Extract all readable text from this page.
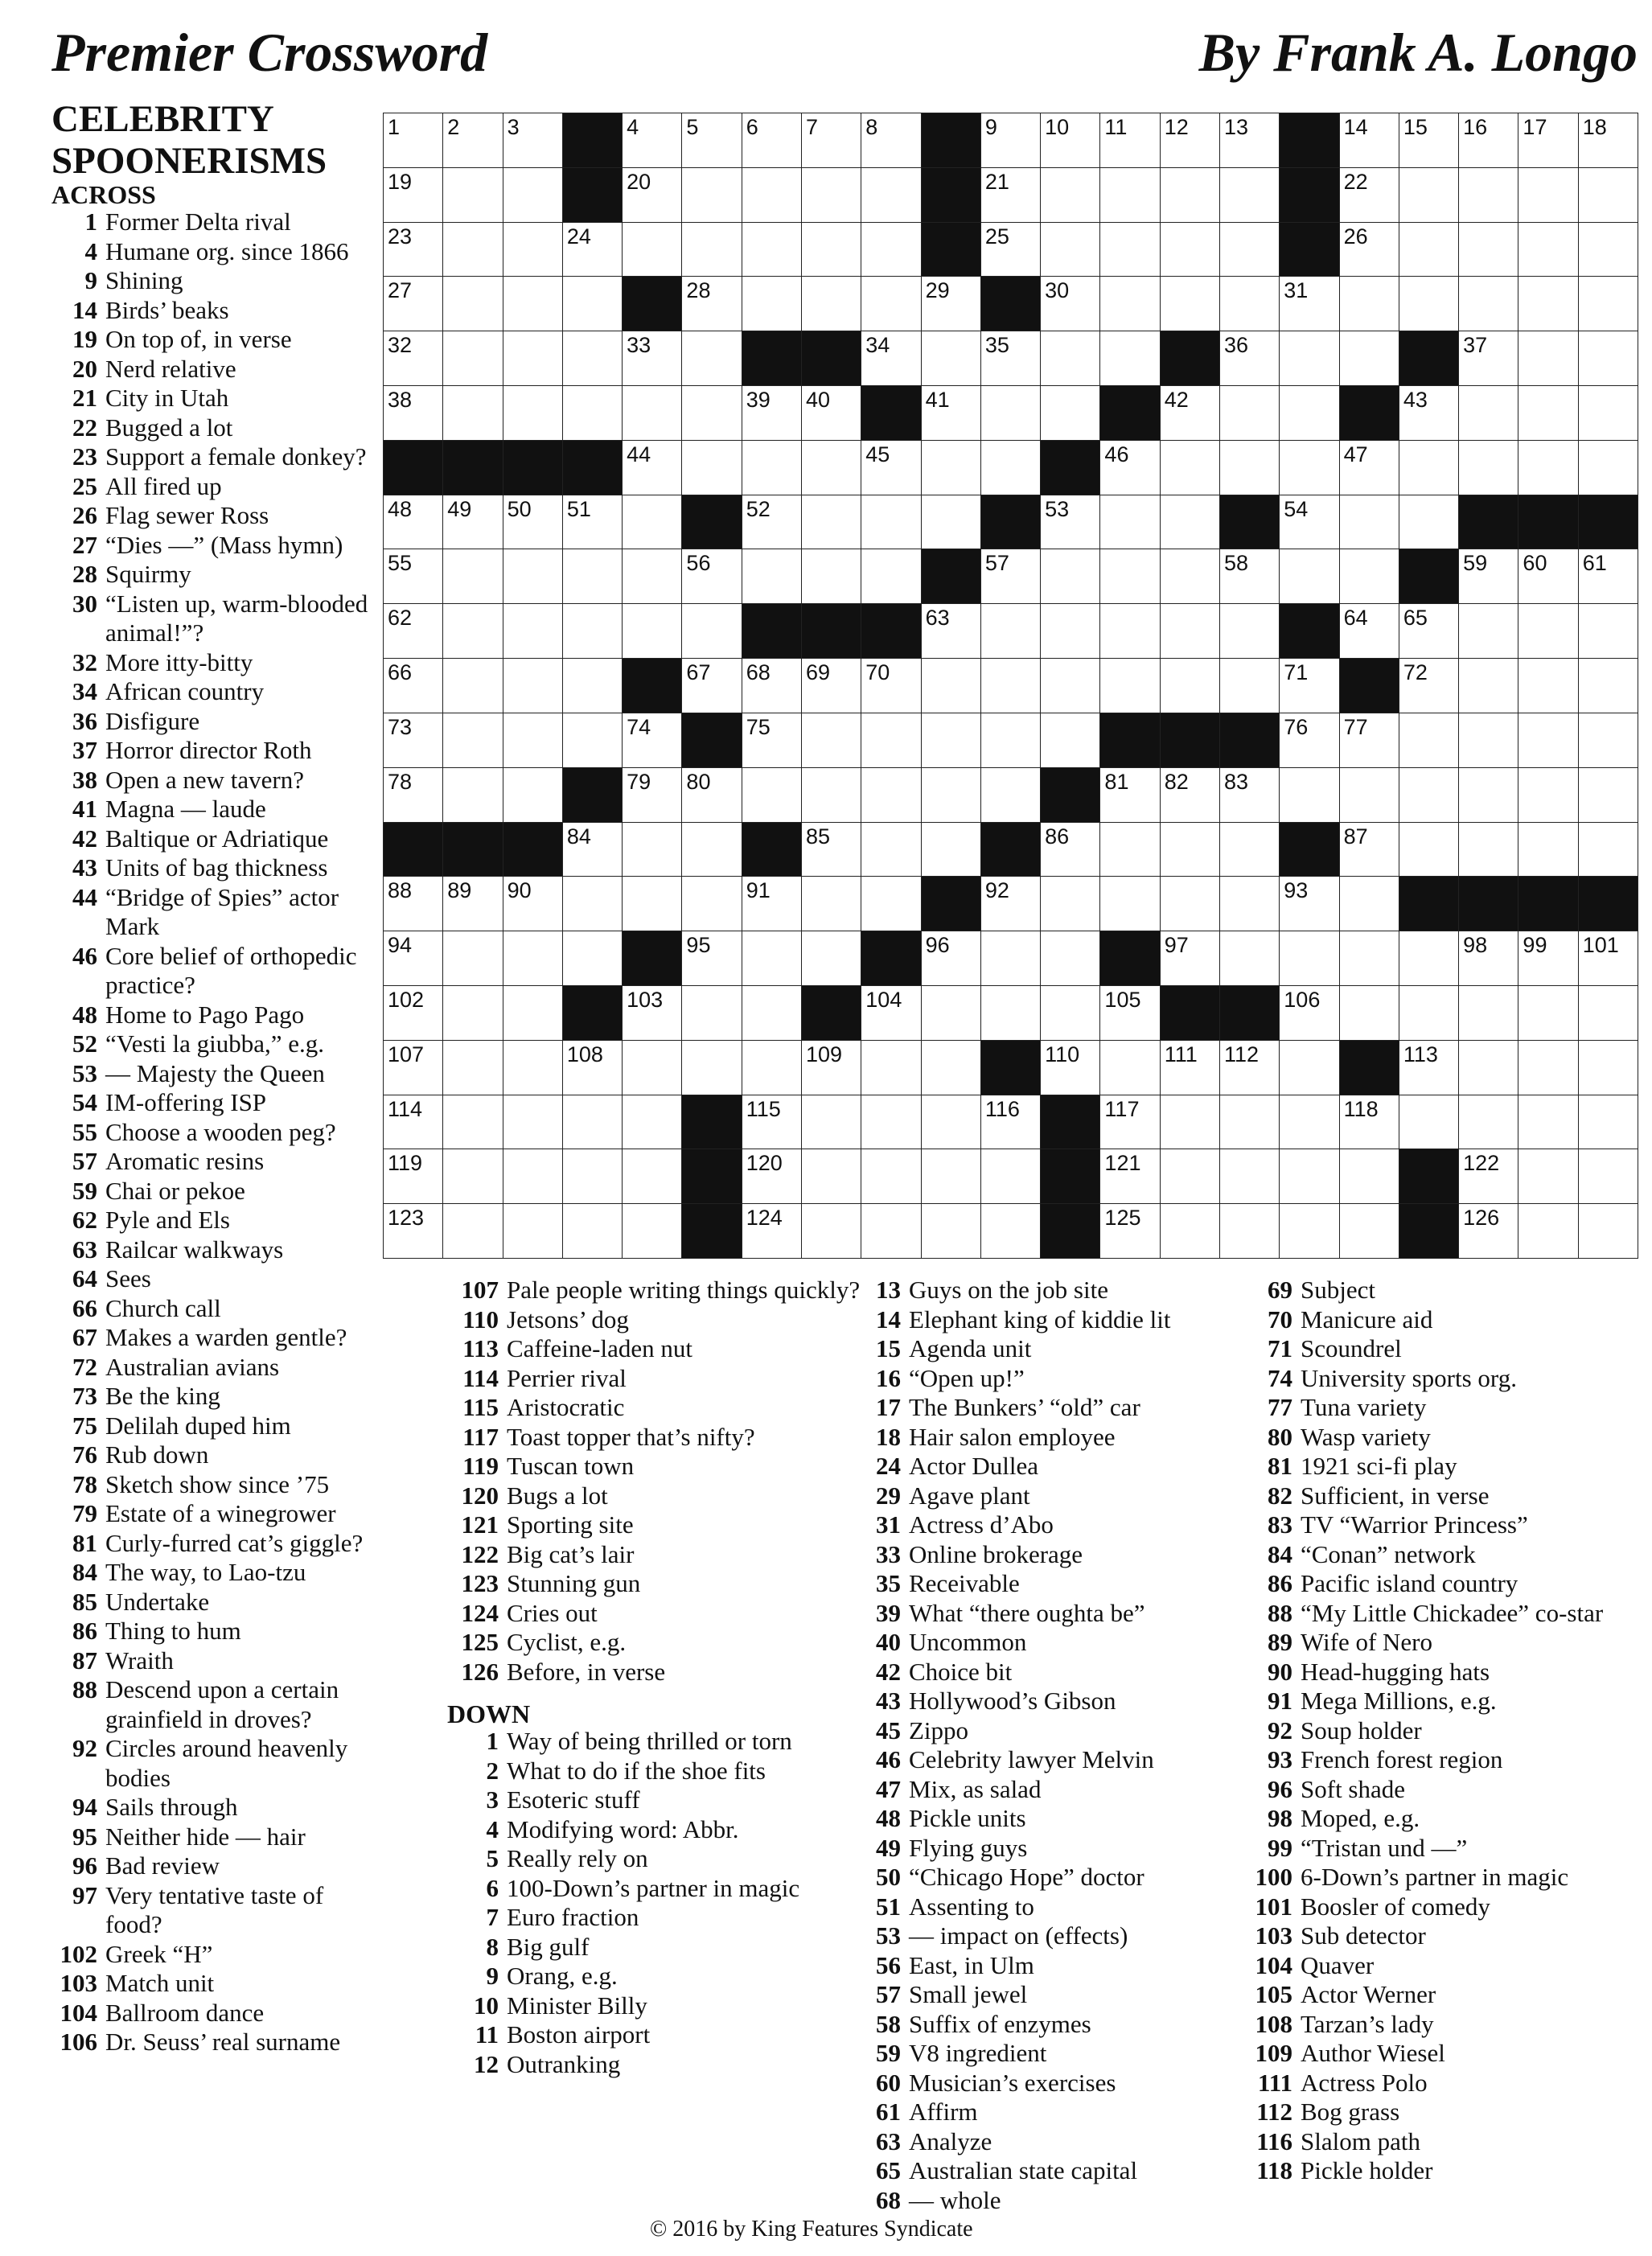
Premier Crossword	By Frank A. Longo
CELEBRITY
SPOONERISMS
1 2 3	4 5 6 7 8	9 10 11 12 13	14 15 16 17 18
19	20	21	22
23	24	25	26
27	28	29	30	31
32	33	34	35	36	37
38	39 40	41	42	43
44	45	46	47
48 49 50 51	52	53	54
55	56	57	58	59 60 61
62	63	64 65
66	67 68 69 70	71	72
73	74	75	76 77
78	79 80	81 82 83
84	85	86	87
88 89 90	91	92	93
94	95	96	97	98 99 101
102	103	104	105	106
107	108	109	110	111 112	113
114	115	116	117	118
119	120	121	122
123	124	125	126
ACROSS
1 Former Delta rival
4 Humane org. since 1866
9 Shining
14 Birds’ beaks
19 On top of, in verse
20 Nerd relative
21 City in Utah
22 Bugged a lot
23 Support a female donkey?
25 All fired up
26 Flag sewer Ross
27 “Dies —” (Mass hymn)
28 Squirmy
30 “Listen up, warm-blooded animal!”?
32 More itty-bitty
34 African country
36 Disfigure
37 Horror director Roth
38 Open a new tavern?
41 Magna — laude
42 Baltique or Adriatique
43 Units of bag thickness
44 “Bridge of Spies” actor Mark
46 Core belief of orthopedic practice?
48 Home to Pago Pago
52 “Vesti la giubba,” e.g.
53 — Majesty the Queen
54 IM-offering ISP
55 Choose a wooden peg?
57 Aromatic resins
59 Chai or pekoe
62 Pyle and Els
63 Railcar walkways
64 Sees
66 Church call
67 Makes a warden gentle?
72 Australian avians
73 Be the king
75 Delilah duped him
76 Rub down
78 Sketch show since ’75
79 Estate of a winegrower
81 Curly-furred cat’s giggle?
84 The way, to Lao-tzu
85 Undertake
86 Thing to hum
87 Wraith
88 Descend upon a certain grainfield in droves?
92 Circles around heavenly bodies
94 Sails through
95 Neither hide — hair
96 Bad review
97 Very tentative taste of food?
102 Greek “H”
103 Match unit
104 Ballroom dance
106 Dr. Seuss’ real surname
107 Pale people writing things quickly?
110 Jetsons’ dog
113 Caffeine-laden nut
114 Perrier rival
115 Aristocratic
117 Toast topper that’s nifty?
119 Tuscan town
120 Bugs a lot
121 Sporting site
122 Big cat’s lair
123 Stunning gun
124 Cries out
125 Cyclist, e.g.
126 Before, in verse
DOWN
1 Way of being thrilled or torn
2 What to do if the shoe fits
3 Esoteric stuff
4 Modifying word: Abbr.
5 Really rely on
6 100-Down’s partner in magic
7 Euro fraction
8 Big gulf
9 Orang, e.g.
10 Minister Billy
11 Boston airport
12 Outranking
13 Guys on the job site
14 Elephant king of kiddie lit
15 Agenda unit
16 “Open up!”
17 The Bunkers’ “old” car
18 Hair salon employee
24 Actor Dullea
29 Agave plant
31 Actress d’Abo
33 Online brokerage
35 Receivable
39 What “there oughta be”
40 Uncommon
42 Choice bit
43 Hollywood’s Gibson
45 Zippo
46 Celebrity lawyer Melvin
47 Mix, as salad
48 Pickle units
49 Flying guys
50 “Chicago Hope” doctor
51 Assenting to
53 — impact on (effects)
56 East, in Ulm
57 Small jewel
58 Suffix of enzymes
59 V8 ingredient
60 Musician’s exercises
61 Affirm
63 Analyze
65 Australian state capital
68 — whole
69 Subject
70 Manicure aid
71 Scoundrel
74 University sports org.
77 Tuna variety
80 Wasp variety
81 1921 sci-fi play
82 Sufficient, in verse
83 TV “Warrior Princess”
84 “Conan” network
86 Pacific island country
88 “My Little Chickadee” co-star
89 Wife of Nero
90 Head-hugging hats
91 Mega Millions, e.g.
92 Soup holder
93 French forest region
96 Soft shade
98 Moped, e.g.
99 “Tristan und —”
100 6-Down’s partner in magic
101 Boosler of comedy
103 Sub detector
104 Quaver
105 Actor Werner
108 Tarzan’s lady
109 Author Wiesel
111 Actress Polo
112 Bog grass
116 Slalom path
118 Pickle holder
© 2016 by King Features Syndicate
